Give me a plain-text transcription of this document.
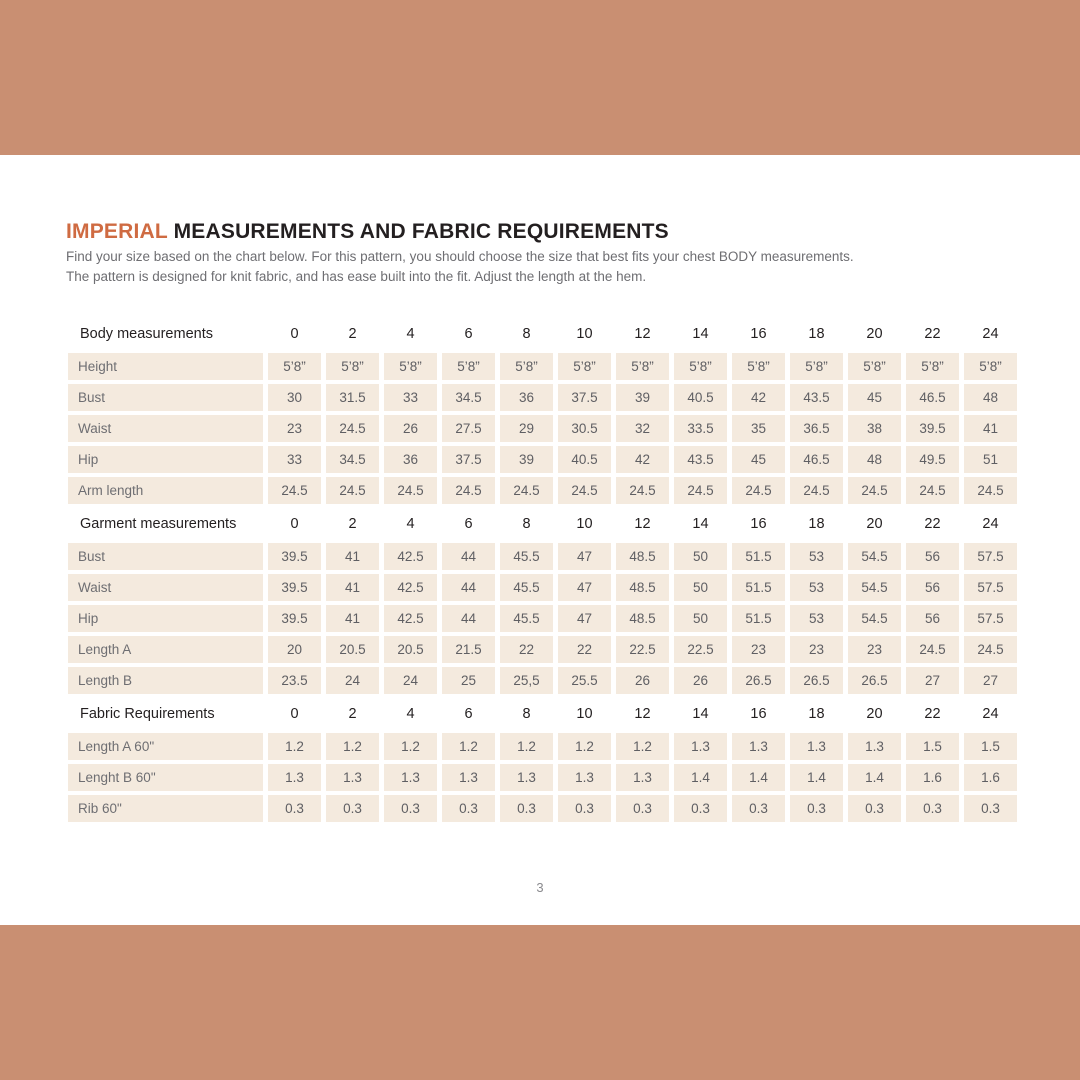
IMPERIAL MEASUREMENTS AND FABRIC REQUIREMENTS
Find your size based on the chart below. For this pattern, you should choose the size that best fits your chest BODY measurements.
The pattern is designed for knit fabric, and has ease built into the fit. Adjust the length at the hem.
Body measurements	0	2	4	6	8	10	12	14	16	18	20	22	24
Height	5’8”	5’8”	5’8”	5’8”	5’8”	5’8”	5’8”	5’8”	5’8”	5’8”	5’8”	5’8”	5’8”
Bust	30	31.5	33	34.5	36	37.5	39	40.5	42	43.5	45	46.5	48
Waist	23	24.5	26	27.5	29	30.5	32	33.5	35	36.5	38	39.5	41
Hip	33	34.5	36	37.5	39	40.5	42	43.5	45	46.5	48	49.5	51
Arm length	24.5	24.5	24.5	24.5	24.5	24.5	24.5	24.5	24.5	24.5	24.5	24.5	24.5
Garment measurements	0	2	4	6	8	10	12	14	16	18	20	22	24
Bust	39.5	41	42.5	44	45.5	47	48.5	50	51.5	53	54.5	56	57.5
Waist	39.5	41	42.5	44	45.5	47	48.5	50	51.5	53	54.5	56	57.5
Hip	39.5	41	42.5	44	45.5	47	48.5	50	51.5	53	54.5	56	57.5
Length A	20	20.5	20.5	21.5	22	22	22.5	22.5	23	23	23	24.5	24.5
Length B	23.5	24	24	25	25,5	25.5	26	26	26.5	26.5	26.5	27	27
Fabric Requirements	0	2	4	6	8	10	12	14	16	18	20	22	24
Length A 60"	1.2	1.2	1.2	1.2	1.2	1.2	1.2	1.3	1.3	1.3	1.3	1.5	1.5
Lenght B 60"	1.3	1.3	1.3	1.3	1.3	1.3	1.3	1.4	1.4	1.4	1.4	1.6	1.6
Rib 60"	0.3	0.3	0.3	0.3	0.3	0.3	0.3	0.3	0.3	0.3	0.3	0.3	0.3
3
